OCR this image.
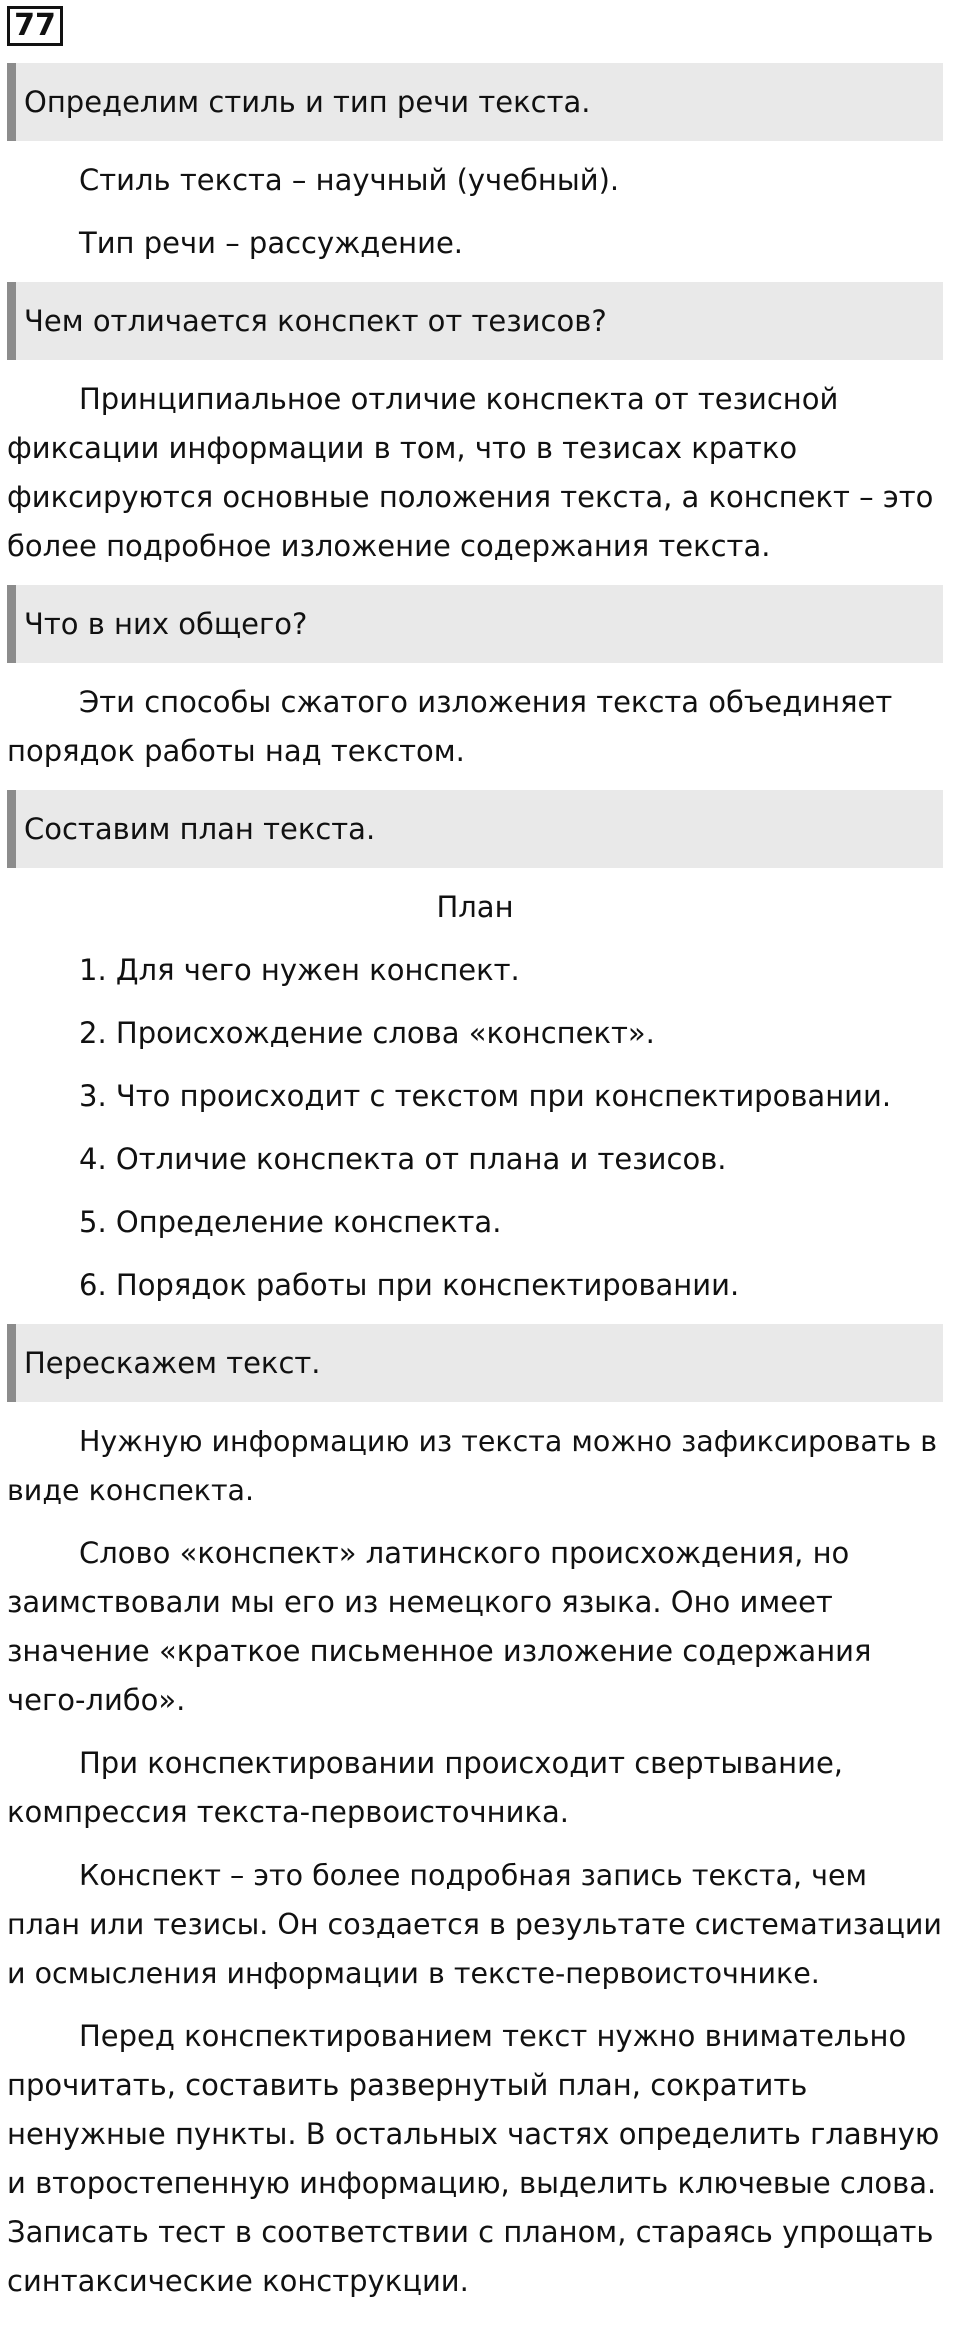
77
Определим стиль и тип речи текста.

Стиль текста – научный (учебный).

Тип речи – рассуждение.

Чем отличается конспект от тезисов?

Принципиальное отличие конспекта от тезисной
фиксации информации в том, что в тезисах кратко
фиксируются основные положения текста, а конспект – это
более подробное изложение содержания текста.

Что в них общего?

Эти способы сжатого изложения текста объединяет
порядок работы над текстом.

Составим план текста.

План

1. Для чего нужен конспект.

2. Происхождение слова «конспект».

3. Что происходит с текстом при конспектировании.

4. Отличие конспекта от плана и тезисов.

5. Определение конспекта.

6. Порядок работы при конспектировании.

Перескажем текст.

Нужную информацию из текста можно зафиксировать в
виде конспекта.

Слово «конспект» латинского происхождения, но
заимствовали мы его из немецкого языка. Оно имеет
значение «краткое письменное изложение содержания
чего-либо».

При конспектировании происходит свертывание,
компрессия текста-первоисточника.

Конспект – это более подробная запись текста, чем
план или тезисы. Он создается в результате систематизации
и осмысления информации в тексте-первоисточнике.

Перед конспектированием текст нужно внимательно
прочитать, составить развернутый план, сократить
ненужные пункты. В остальных частях определить главную
и второстепенную информацию, выделить ключевые слова.
Записать тест в соответствии с планом, стараясь упрощать
синтаксические конструкции.
